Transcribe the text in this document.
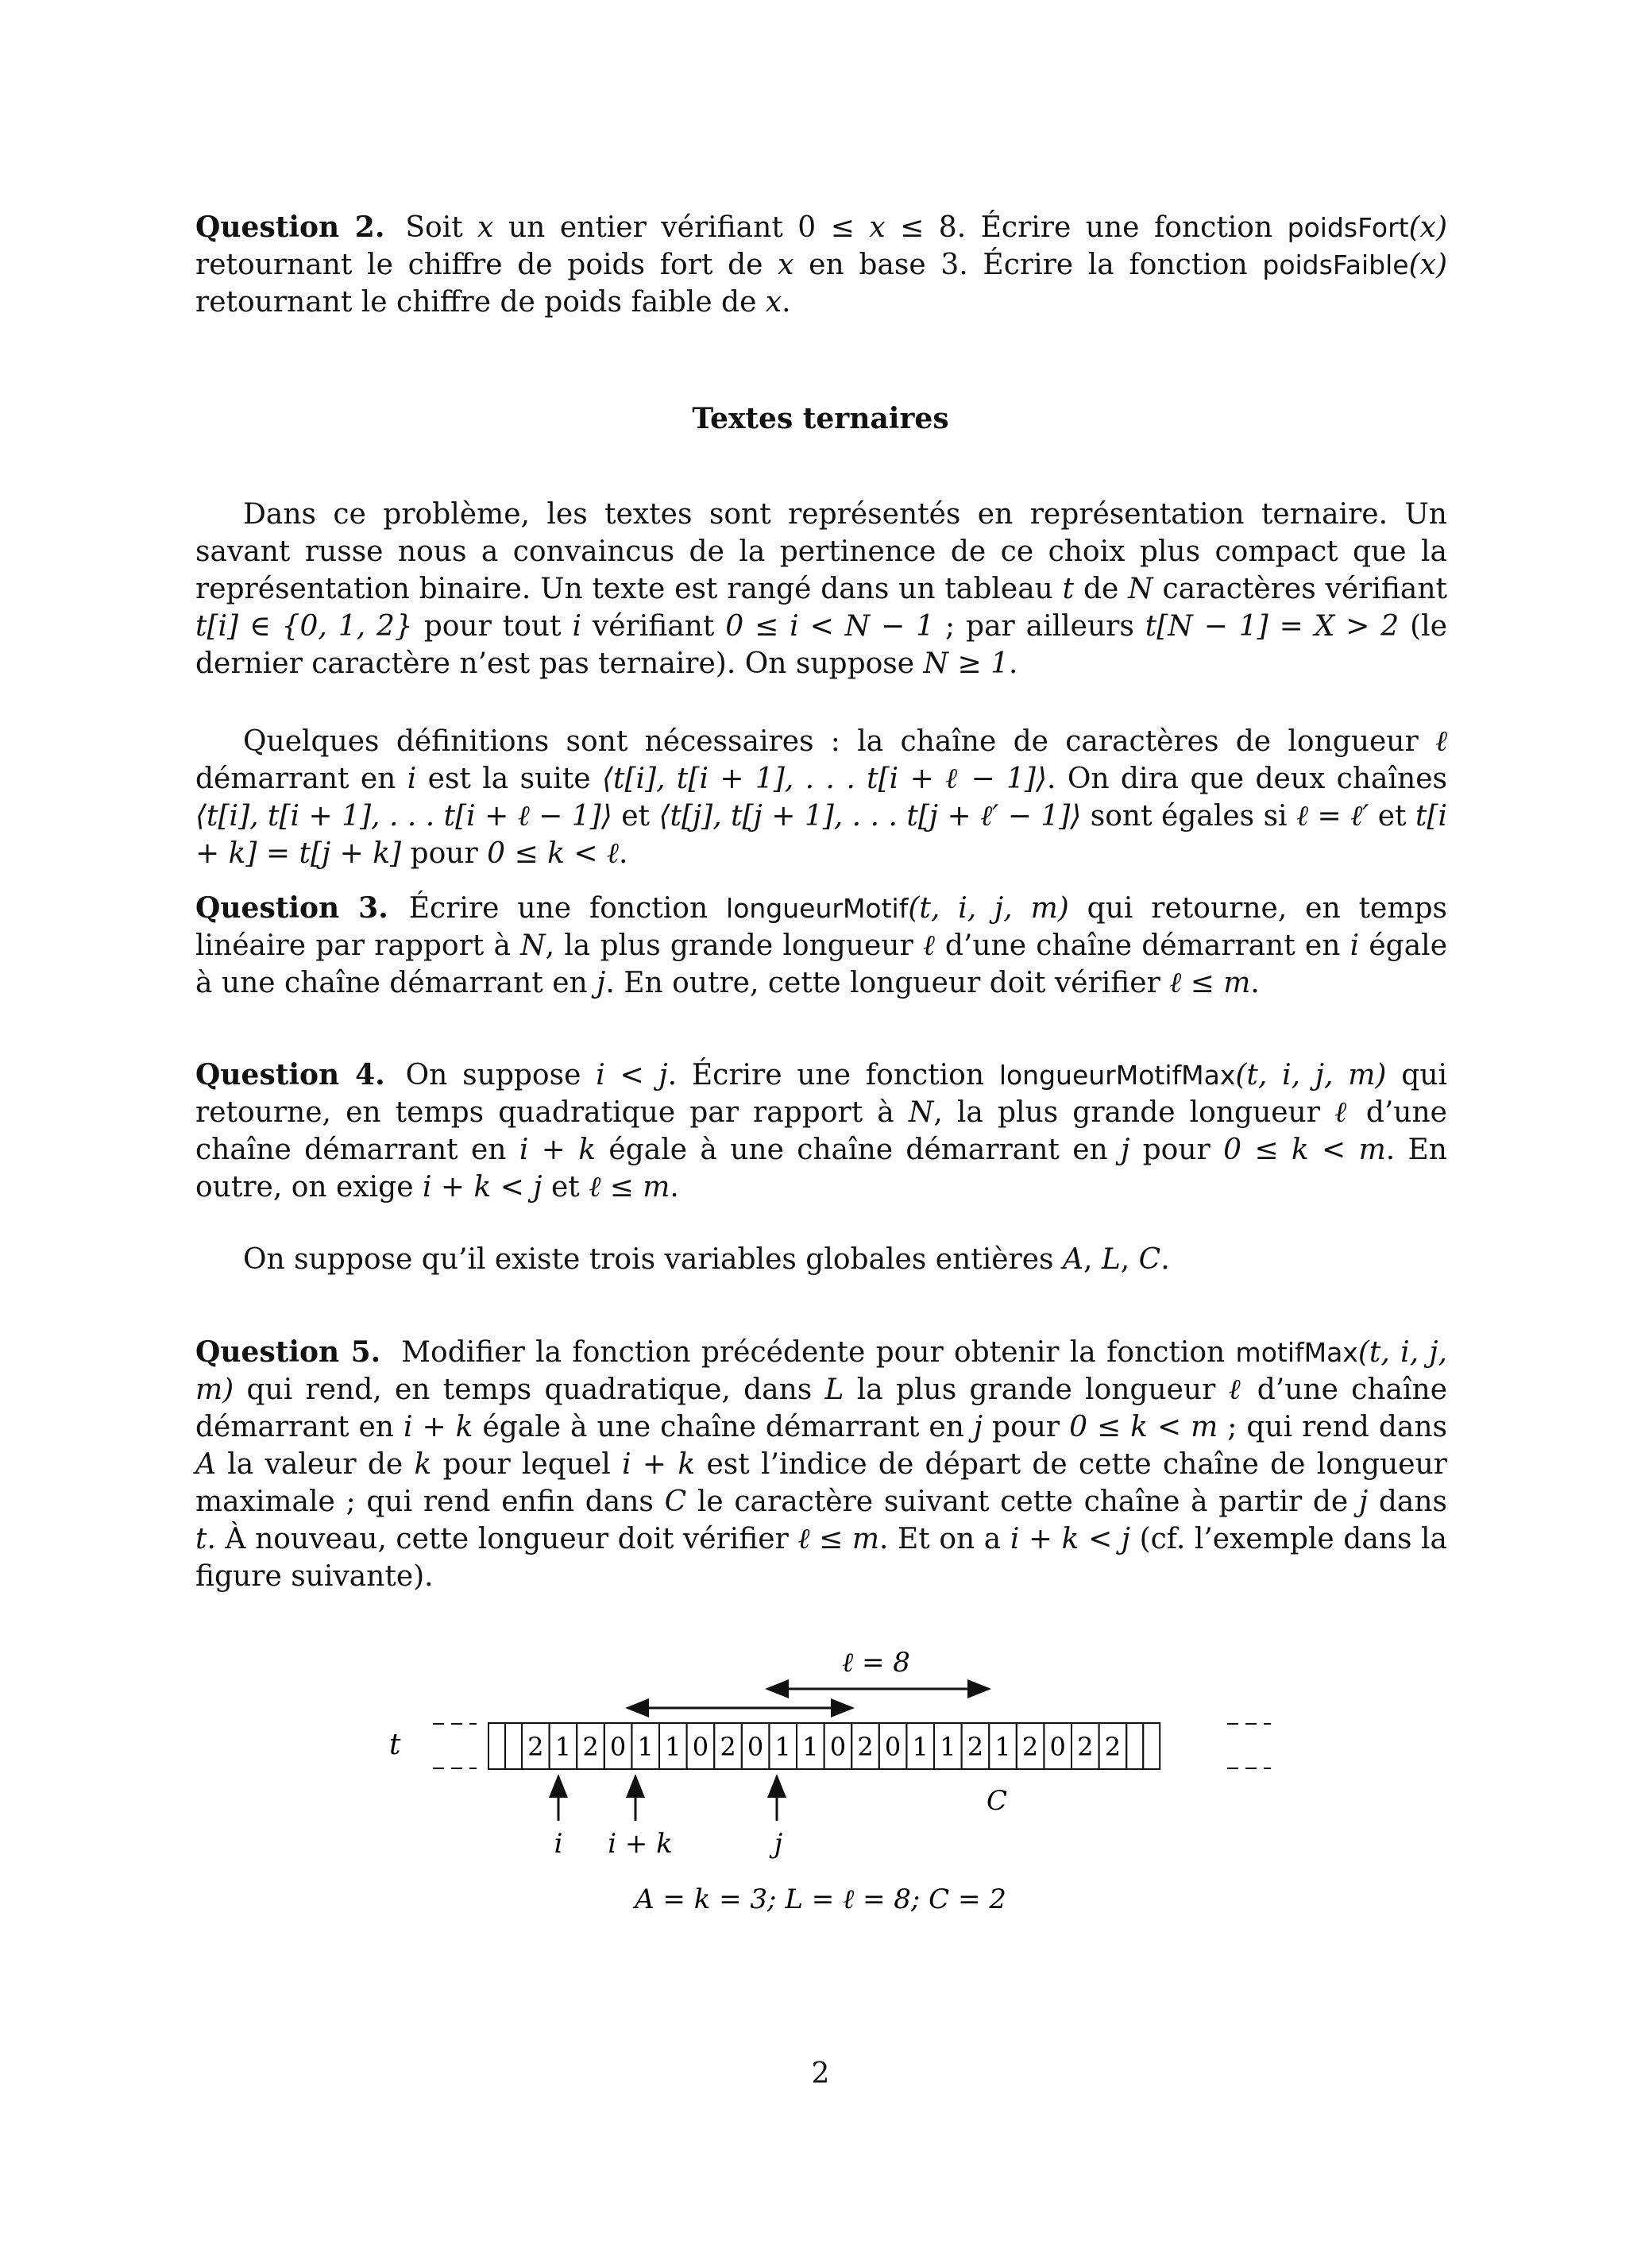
Question 2. Soit x un entier vérifiant 0 ≤ x ≤ 8. Écrire une fonction poidsFort(x) retournant le chiffre de poids fort de x en base 3. Écrire la fonction poidsFaible(x) retournant le chiffre de poids faible de x.
Textes ternaires
Dans ce problème, les textes sont représentés en représentation ternaire. Un savant russe nous a convaincus de la pertinence de ce choix plus compact que la représentation binaire. Un texte est rangé dans un tableau t de N caractères vérifiant t[i] ∈ {0, 1, 2} pour tout i vérifiant 0 ≤ i < N − 1 ; par ailleurs t[N − 1] = X > 2 (le dernier caractère n’est pas ternaire). On suppose N ≥ 1.
Quelques définitions sont nécessaires : la chaîne de caractères de longueur ℓ démarrant en i est la suite ⟨t[i], t[i + 1], . . . t[i + ℓ − 1]⟩. On dira que deux chaînes ⟨t[i], t[i + 1], . . . t[i + ℓ − 1]⟩ et ⟨t[j], t[j + 1], . . . t[j + ℓ′ − 1]⟩ sont égales si ℓ = ℓ′ et t[i + k] = t[j + k] pour 0 ≤ k < ℓ.
Question 3. Écrire une fonction longueurMotif(t, i, j, m) qui retourne, en temps linéaire par rapport à N, la plus grande longueur ℓ d’une chaîne démarrant en i égale à une chaîne démarrant en j. En outre, cette longueur doit vérifier ℓ ≤ m.
Question 4. On suppose i < j. Écrire une fonction longueurMotifMax(t, i, j, m) qui retourne, en temps quadratique par rapport à N, la plus grande longueur ℓ d’une chaîne démarrant en i + k égale à une chaîne démarrant en j pour 0 ≤ k < m. En outre, on exige i + k < j et ℓ ≤ m.
On suppose qu’il existe trois variables globales entières A, L, C.
Question 5. Modifier la fonction précédente pour obtenir la fonction motifMax(t, i, j, m) qui rend, en temps quadratique, dans L la plus grande longueur ℓ d’une chaîne démarrant en i + k égale à une chaîne démarrant en j pour 0 ≤ k < m ; qui rend dans A la valeur de k pour lequel i + k est l’indice de départ de cette chaîne de longueur maximale ; qui rend enfin dans C le caractère suivant cette chaîne à partir de j dans t. À nouveau, cette longueur doit vérifier ℓ ≤ m. Et on a i + k < j (cf. l’exemple dans la figure suivante).
t	2 1 2 0 1 1 0 2 0 1 1 0 2 0 1 1 2 1 2 0 2 2
ℓ = 8
i i + k	j
C
A = k = 3; L = ℓ = 8; C = 2
2
